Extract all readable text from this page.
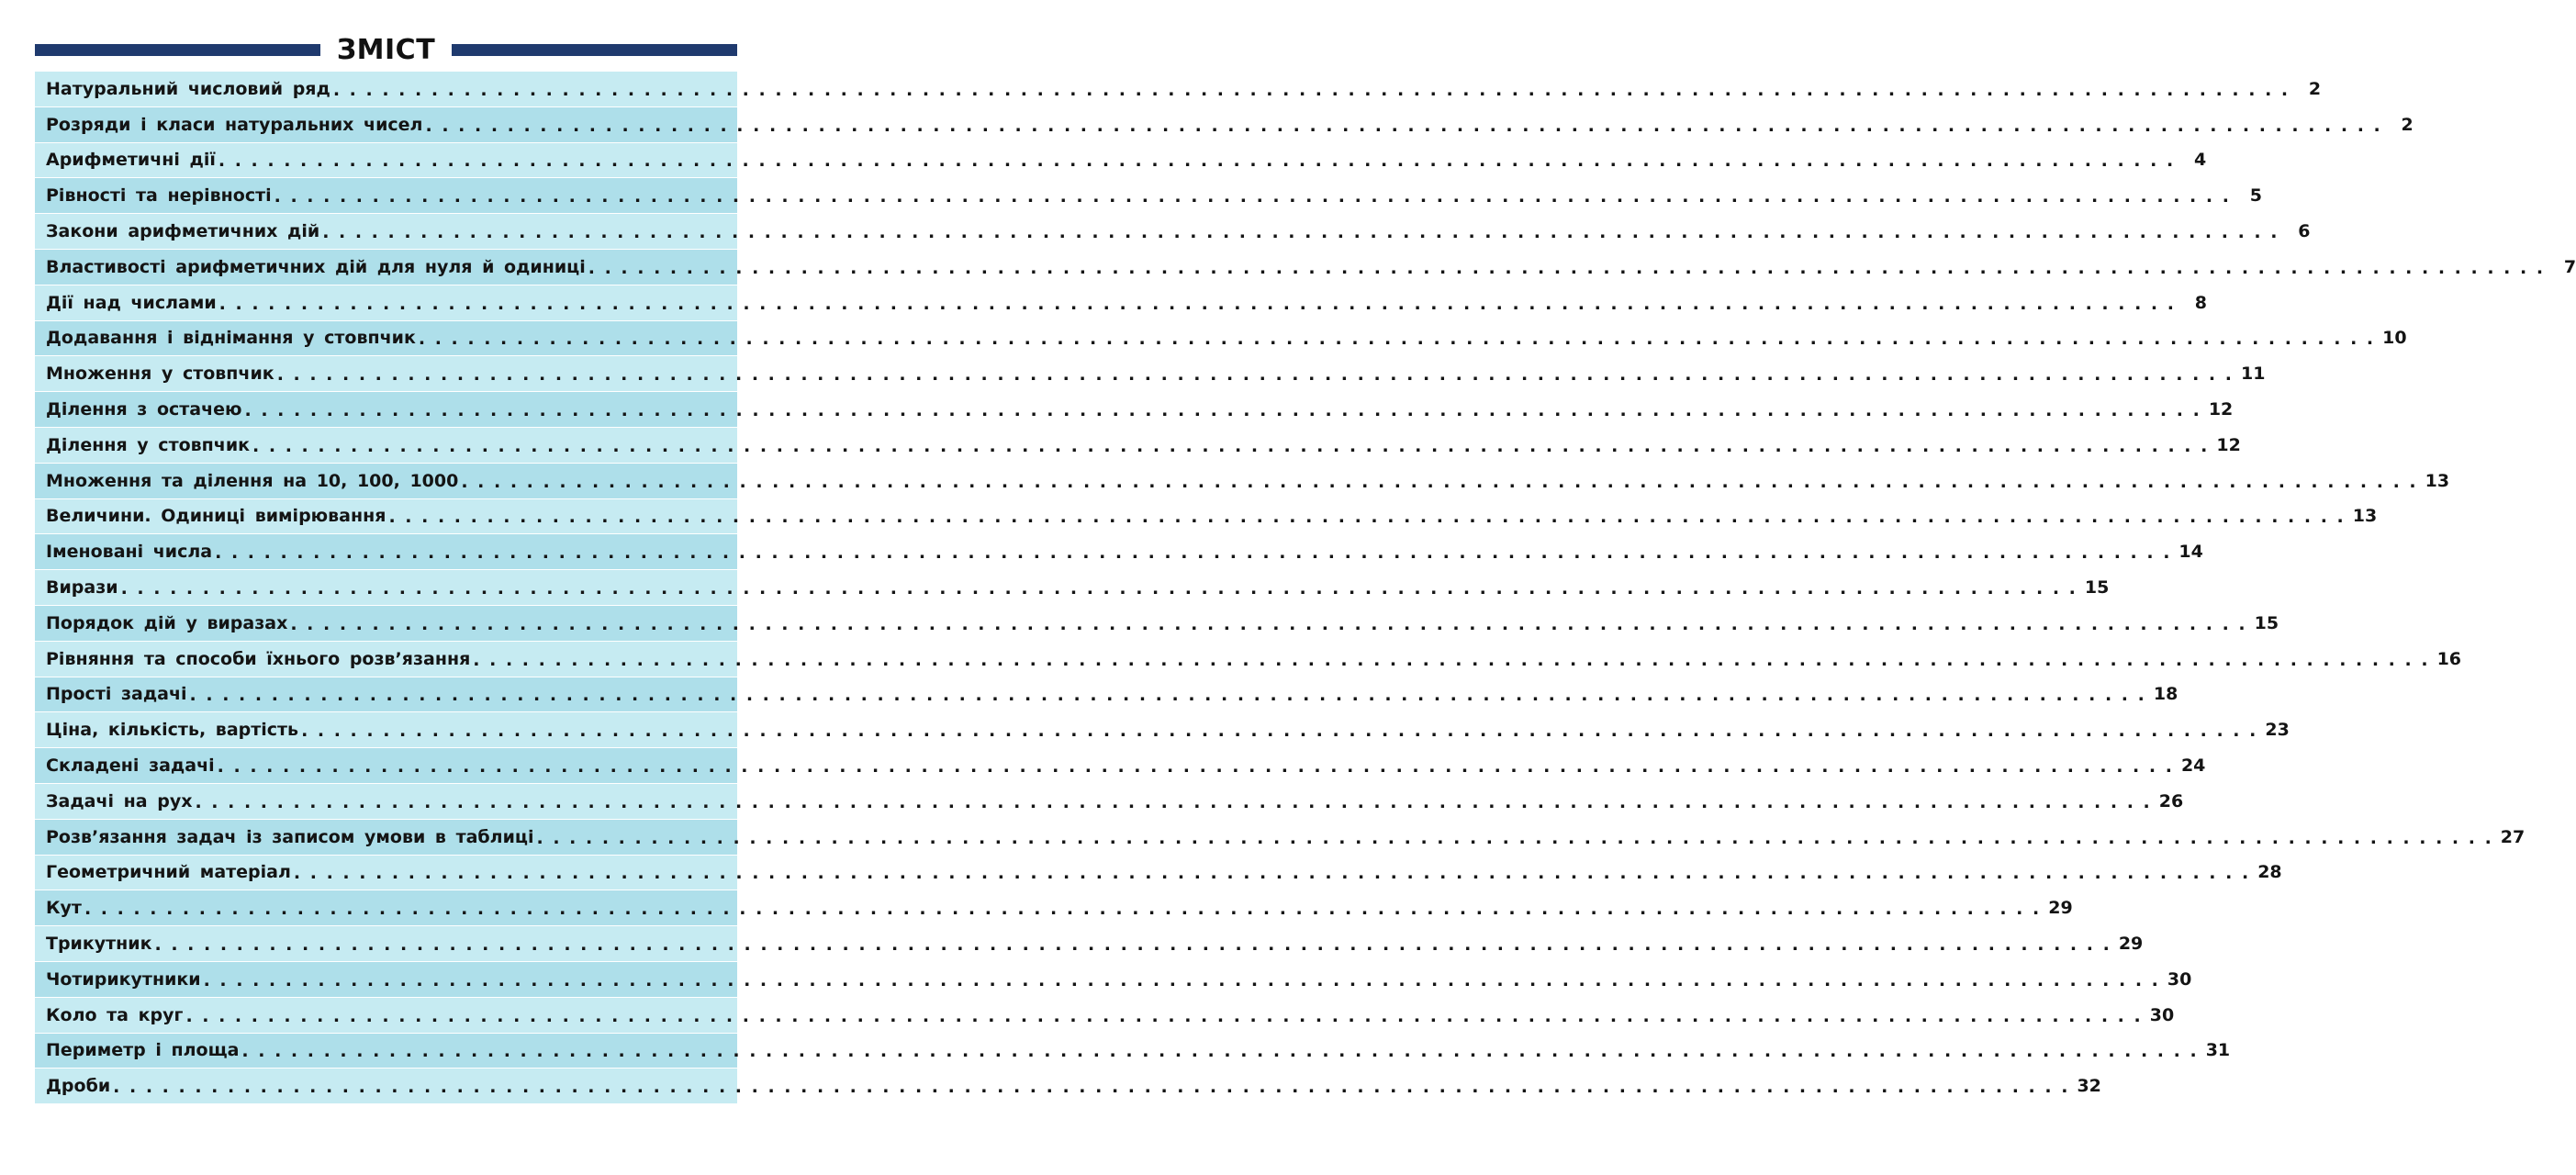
ЗМІСТ
Натуральний числовий ряд . . . . . . . . . . . . . . . . . . . . . . . . . . . . . . . . . . . . . . . . . . . . . . . . . . . . . . . . . . . . . . . . . . . . . . . . . . . . . . . . . . . . . . . . . . . . . . . . . . . . . . . . . . . . . . . . . . . . . . . .	2
Розряди і класи натуральних чисел . . . . . . . . . . . . . . . . . . . . . . . . . . . . . . . . . . . . . . . . . . . . . . . . . . . . . . . . . . . . . . . . . . . . . . . . . . . . . . . . . . . . . . . . . . . . . . . . . . . . . . . . . . . . . . . . . . . . . . . .	2
Арифметичні дії . . . . . . . . . . . . . . . . . . . . . . . . . . . . . . . . . . . . . . . . . . . . . . . . . . . . . . . . . . . . . . . . . . . . . . . . . . . . . . . . . . . . . . . . . . . . . . . . . . . . . . . . . . . . . . . . . . . . . . . .	4
Рівності та нерівності . . . . . . . . . . . . . . . . . . . . . . . . . . . . . . . . . . . . . . . . . . . . . . . . . . . . . . . . . . . . . . . . . . . . . . . . . . . . . . . . . . . . . . . . . . . . . . . . . . . . . . . . . . . . . . . . . . . . . . . .	5
Закони арифметичних дій . . . . . . . . . . . . . . . . . . . . . . . . . . . . . . . . . . . . . . . . . . . . . . . . . . . . . . . . . . . . . . . . . . . . . . . . . . . . . . . . . . . . . . . . . . . . . . . . . . . . . . . . . . . . . . . . . . . . . . . .	6
Властивості арифметичних дій для нуля й одиниці . . . . . . . . . . . . . . . . . . . . . . . . . . . . . . . . . . . . . . . . . . . . . . . . . . . . . . . . . . . . . . . . . . . . . . . . . . . . . . . . . . . . . . . . . . . . . . . . . . . . . . . . . . . . . . . . . . . . . . . .	7
Дії над числами . . . . . . . . . . . . . . . . . . . . . . . . . . . . . . . . . . . . . . . . . . . . . . . . . . . . . . . . . . . . . . . . . . . . . . . . . . . . . . . . . . . . . . . . . . . . . . . . . . . . . . . . . . . . . . . . . . . . . . . .	8
Додавання і віднімання у стовпчик . . . . . . . . . . . . . . . . . . . . . . . . . . . . . . . . . . . . . . . . . . . . . . . . . . . . . . . . . . . . . . . . . . . . . . . . . . . . . . . . . . . . . . . . . . . . . . . . . . . . . . . . . . . . . . . . . . . . . . . . 10
Множення у стовпчик . . . . . . . . . . . . . . . . . . . . . . . . . . . . . . . . . . . . . . . . . . . . . . . . . . . . . . . . . . . . . . . . . . . . . . . . . . . . . . . . . . . . . . . . . . . . . . . . . . . . . . . . . . . . . . . . . . . . . . . . 11
Ділення з остачею . . . . . . . . . . . . . . . . . . . . . . . . . . . . . . . . . . . . . . . . . . . . . . . . . . . . . . . . . . . . . . . . . . . . . . . . . . . . . . . . . . . . . . . . . . . . . . . . . . . . . . . . . . . . . . . . . . . . . . . . 12
Ділення у стовпчик . . . . . . . . . . . . . . . . . . . . . . . . . . . . . . . . . . . . . . . . . . . . . . . . . . . . . . . . . . . . . . . . . . . . . . . . . . . . . . . . . . . . . . . . . . . . . . . . . . . . . . . . . . . . . . . . . . . . . . . . 12
Множення та ділення на 10, 100, 1000 . . . . . . . . . . . . . . . . . . . . . . . . . . . . . . . . . . . . . . . . . . . . . . . . . . . . . . . . . . . . . . . . . . . . . . . . . . . . . . . . . . . . . . . . . . . . . . . . . . . . . . . . . . . . . . . . . . . . . . . . 13
Величини. Одиниці вимірювання . . . . . . . . . . . . . . . . . . . . . . . . . . . . . . . . . . . . . . . . . . . . . . . . . . . . . . . . . . . . . . . . . . . . . . . . . . . . . . . . . . . . . . . . . . . . . . . . . . . . . . . . . . . . . . . . . . . . . . . . 13
Іменовані числа . . . . . . . . . . . . . . . . . . . . . . . . . . . . . . . . . . . . . . . . . . . . . . . . . . . . . . . . . . . . . . . . . . . . . . . . . . . . . . . . . . . . . . . . . . . . . . . . . . . . . . . . . . . . . . . . . . . . . . . . 14
Вирази . . . . . . . . . . . . . . . . . . . . . . . . . . . . . . . . . . . . . . . . . . . . . . . . . . . . . . . . . . . . . . . . . . . . . . . . . . . . . . . . . . . . . . . . . . . . . . . . . . . . . . . . . . . . . . . . . . . . . . . . 15
Порядок дій у виразах . . . . . . . . . . . . . . . . . . . . . . . . . . . . . . . . . . . . . . . . . . . . . . . . . . . . . . . . . . . . . . . . . . . . . . . . . . . . . . . . . . . . . . . . . . . . . . . . . . . . . . . . . . . . . . . . . . . . . . . . 15
Рівняння та способи їхнього розв’язання . . . . . . . . . . . . . . . . . . . . . . . . . . . . . . . . . . . . . . . . . . . . . . . . . . . . . . . . . . . . . . . . . . . . . . . . . . . . . . . . . . . . . . . . . . . . . . . . . . . . . . . . . . . . . . . . . . . . . . . . 16
Прості задачі . . . . . . . . . . . . . . . . . . . . . . . . . . . . . . . . . . . . . . . . . . . . . . . . . . . . . . . . . . . . . . . . . . . . . . . . . . . . . . . . . . . . . . . . . . . . . . . . . . . . . . . . . . . . . . . . . . . . . . . . 18
Ціна, кількість, вартість . . . . . . . . . . . . . . . . . . . . . . . . . . . . . . . . . . . . . . . . . . . . . . . . . . . . . . . . . . . . . . . . . . . . . . . . . . . . . . . . . . . . . . . . . . . . . . . . . . . . . . . . . . . . . . . . . . . . . . . . 23
Складені задачі . . . . . . . . . . . . . . . . . . . . . . . . . . . . . . . . . . . . . . . . . . . . . . . . . . . . . . . . . . . . . . . . . . . . . . . . . . . . . . . . . . . . . . . . . . . . . . . . . . . . . . . . . . . . . . . . . . . . . . . . 24
Задачі на рух . . . . . . . . . . . . . . . . . . . . . . . . . . . . . . . . . . . . . . . . . . . . . . . . . . . . . . . . . . . . . . . . . . . . . . . . . . . . . . . . . . . . . . . . . . . . . . . . . . . . . . . . . . . . . . . . . . . . . . . . 26
Розв’язання задач із записом умови в таблиці . . . . . . . . . . . . . . . . . . . . . . . . . . . . . . . . . . . . . . . . . . . . . . . . . . . . . . . . . . . . . . . . . . . . . . . . . . . . . . . . . . . . . . . . . . . . . . . . . . . . . . . . . . . . . . . . . . . . . . . . 27
Геометричний матеріал . . . . . . . . . . . . . . . . . . . . . . . . . . . . . . . . . . . . . . . . . . . . . . . . . . . . . . . . . . . . . . . . . . . . . . . . . . . . . . . . . . . . . . . . . . . . . . . . . . . . . . . . . . . . . . . . . . . . . . . . 28
Кут . . . . . . . . . . . . . . . . . . . . . . . . . . . . . . . . . . . . . . . . . . . . . . . . . . . . . . . . . . . . . . . . . . . . . . . . . . . . . . . . . . . . . . . . . . . . . . . . . . . . . . . . . . . . . . . . . . . . . . . . 29
Трикутник . . . . . . . . . . . . . . . . . . . . . . . . . . . . . . . . . . . . . . . . . . . . . . . . . . . . . . . . . . . . . . . . . . . . . . . . . . . . . . . . . . . . . . . . . . . . . . . . . . . . . . . . . . . . . . . . . . . . . . . . 29
Чотирикутники . . . . . . . . . . . . . . . . . . . . . . . . . . . . . . . . . . . . . . . . . . . . . . . . . . . . . . . . . . . . . . . . . . . . . . . . . . . . . . . . . . . . . . . . . . . . . . . . . . . . . . . . . . . . . . . . . . . . . . . . 30
Коло та круг . . . . . . . . . . . . . . . . . . . . . . . . . . . . . . . . . . . . . . . . . . . . . . . . . . . . . . . . . . . . . . . . . . . . . . . . . . . . . . . . . . . . . . . . . . . . . . . . . . . . . . . . . . . . . . . . . . . . . . . . 30
Периметр і площа . . . . . . . . . . . . . . . . . . . . . . . . . . . . . . . . . . . . . . . . . . . . . . . . . . . . . . . . . . . . . . . . . . . . . . . . . . . . . . . . . . . . . . . . . . . . . . . . . . . . . . . . . . . . . . . . . . . . . . . . 31
Дроби . . . . . . . . . . . . . . . . . . . . . . . . . . . . . . . . . . . . . . . . . . . . . . . . . . . . . . . . . . . . . . . . . . . . . . . . . . . . . . . . . . . . . . . . . . . . . . . . . . . . . . . . . . . . . . . . . . . . . . . . 32
